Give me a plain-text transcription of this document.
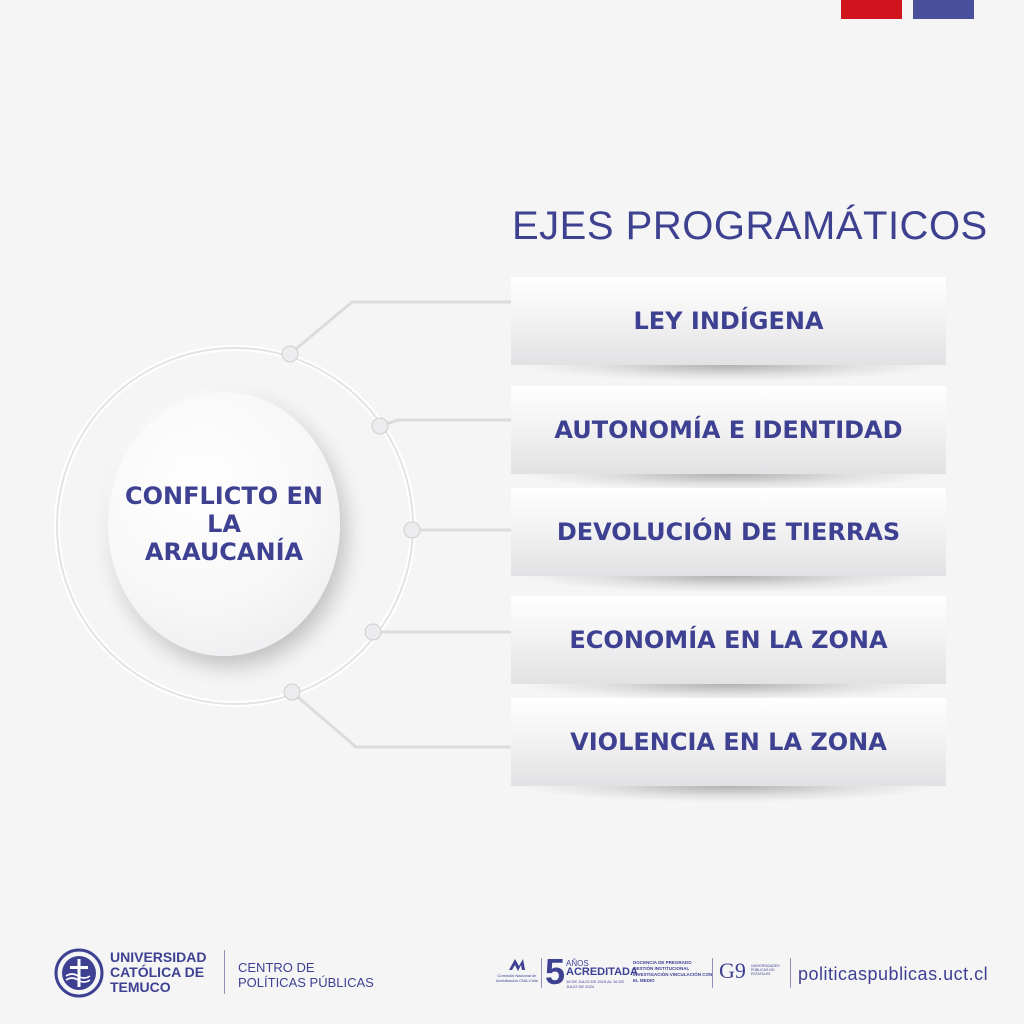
EJES PROGRAMÁTICOS
CONFLICTO EN LA ARAUCANÍA
LEY INDÍGENA
AUTONOMÍA E IDENTIDAD
DEVOLUCIÓN DE TIERRAS
ECONOMÍA EN LA ZONA
VIOLENCIA EN LA ZONA
UNIVERSIDAD CATÓLICA DE TEMUCO
CENTRO DE POLÍTICAS PÚBLICAS	Comisión Nacional de Acreditación CNA-Chile 5 AÑOS
ACREDITADA
16 DE JULIO DE 2019 AL 16 DE JULIO DE 2024
DOCENCIA DE PREGRADO GESTIÓN INSTITUCIONAL INVESTIGACIÓN VINCULACIÓN CON EL MEDIO	G9 UNIVERSIDADES PÚBLICAS NO ESTATALES	politicaspublicas.uct.cl
